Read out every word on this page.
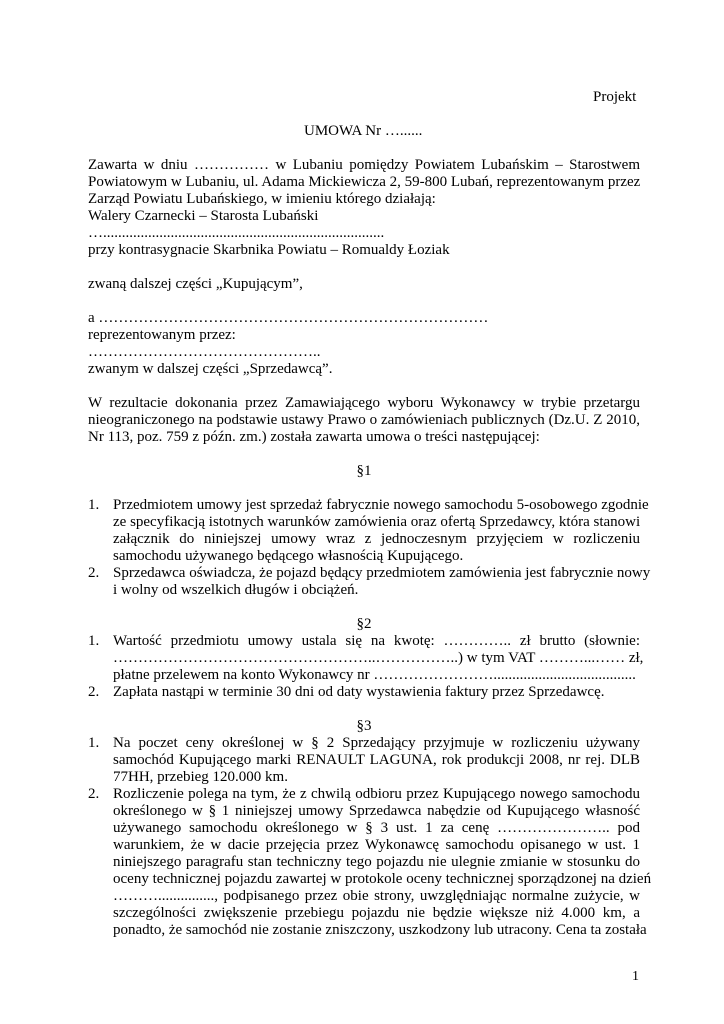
Projekt
UMOWA Nr …......
Zawarta w dniu …………… w Lubaniu pomiędzy Powiatem Lubańskim – Starostwem
Powiatowym w Lubaniu, ul. Adama Mickiewicza 2, 59-800 Lubań, reprezentowanym przez
Zarząd Powiatu Lubańskiego, w imieniu którego działają:
Walery Czarnecki – Starosta Lubański
…...........................................................................
przy kontrasygnacie Skarbnika Powiatu – Romualdy Łoziak
zwaną dalszej części „Kupującym”,
a ……………………………………………………………………
reprezentowanym przez:
………………………………………..
zwanym w dalszej części „Sprzedawcą”.
W rezultacie dokonania przez Zamawiającego wyboru Wykonawcy w trybie przetargu
nieograniczonego na podstawie ustawy Prawo o zamówieniach publicznych (Dz.U. Z 2010,
Nr 113, poz. 759 z późn. zm.) została zawarta umowa o treści następującej:
§1
1. Przedmiotem umowy jest sprzedaż fabrycznie nowego samochodu 5-osobowego zgodnie
ze specyfikacją istotnych warunków zamówienia oraz ofertą Sprzedawcy, która stanowi
załącznik do niniejszej umowy wraz z jednoczesnym przyjęciem w rozliczeniu
samochodu używanego będącego własnością Kupującego.
2. Sprzedawca oświadcza, że pojazd będący przedmiotem zamówienia jest fabrycznie nowy
i wolny od wszelkich długów i obciążeń.
§2
1. Wartość przedmiotu umowy ustala się na kwotę: ………….. zł brutto (słownie:
……………………………………………..……………..) w tym VAT ………...…… zł,
płatne przelewem na konto Wykonawcy nr ……………………......................................
2. Zapłata nastąpi w terminie 30 dni od daty wystawienia faktury przez Sprzedawcę.
§3
1. Na poczet ceny określonej w § 2 Sprzedający przyjmuje w rozliczeniu używany
samochód Kupującego marki RENAULT LAGUNA, rok produkcji 2008, nr rej. DLB
77HH, przebieg 120.000 km.
2. Rozliczenie polega na tym, że z chwilą odbioru przez Kupującego nowego samochodu
określonego w § 1 niniejszej umowy Sprzedawca nabędzie od Kupującego własność
używanego samochodu określonego w § 3 ust. 1 za cenę ………………….. pod
warunkiem, że w dacie przejęcia przez Wykonawcę samochodu opisanego w ust. 1
niniejszego paragrafu stan techniczny tego pojazdu nie ulegnie zmianie w stosunku do
oceny technicznej pojazdu zawartej w protokole oceny technicznej sporządzonej na dzień
………..............., podpisanego przez obie strony, uwzględniając normalne zużycie, w
szczególności zwiększenie przebiegu pojazdu nie będzie większe niż 4.000 km, a
ponadto, że samochód nie zostanie zniszczony, uszkodzony lub utracony. Cena ta została
1
